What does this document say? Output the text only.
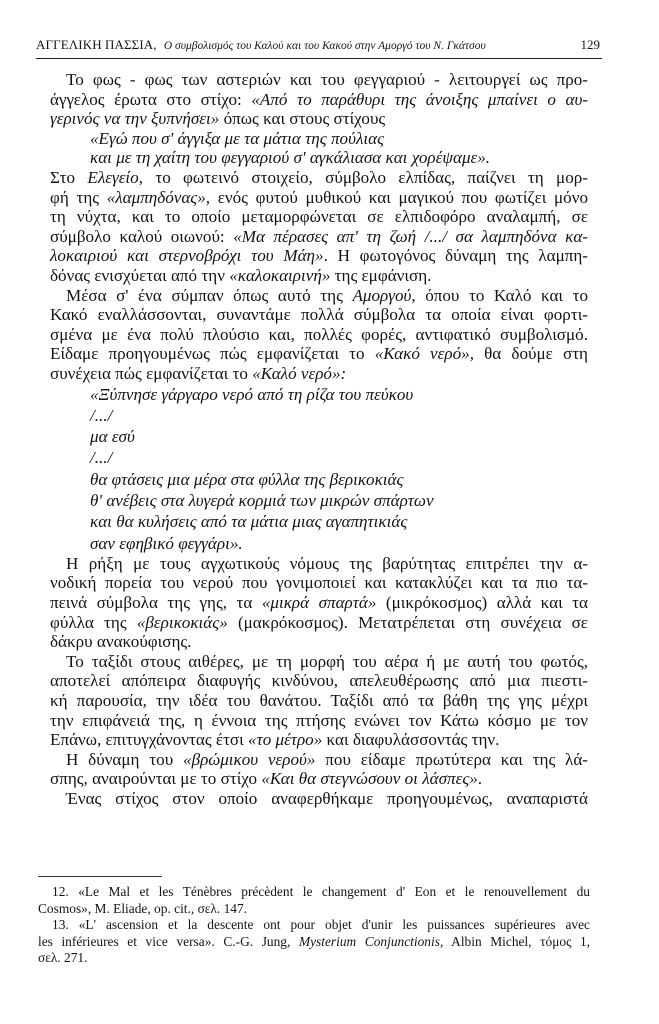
ΑΓΓΕΛΙΚΗ ΠΑΣΣΙΑ, Ο συμβολισμός του Καλού και του Κακού στην Αμοργό του Ν. Γκάτσου	129
Το φως - φως των αστεριών και του φεγγαριού - λειτουργεί ως προ-
άγγελος έρωτα στο στίχο: «Από το παράθυρι της άνοιξης μπαίνει ο αυ-
γερινός να την ξυπνήσει» όπως και στους στίχους
«Εγώ που σ' άγγιξα με τα μάτια της πούλιας
και με τη χαίτη του φεγγαριού σ' αγκάλιασα και χορέψαμε».
Στο Ελεγείο, το φωτεινό στοιχείο, σύμβολο ελπίδας, παίζνει τη μορ-
φή της «λαμπηδόνας», ενός φυτού μυθικού και μαγικού που φωτίζει μόνο
τη νύχτα, και το οποίο μεταμορφώνεται σε ελπιδοφόρο αναλαμπή, σε
σύμβολο καλού οιωνού: «Μα πέρασες απ' τη ζωή /.../ σα λαμπηδόνα κα-
λοκαιριού και στερνοβρόχι του Μάη». Η φωτογόνος δύναμη της λαμπη-
δόνας ενισχύεται από την «καλοκαιρινή» της εμφάνιση.
Μέσα σ' ένα σύμπαν όπως αυτό της Αμοργού, όπου το Καλό και το
Κακό εναλλάσσονται, συναντάμε πολλά σύμβολα τα οποία είναι φορτι-
σμένα με ένα πολύ πλούσιο και, πολλές φορές, αντιφατικό συμβολισμό.
Είδαμε προηγουμένως πώς εμφανίζεται το «Κακό νερό», θα δούμε στη
συνέχεια πώς εμφανίζεται το «Καλό νερό»:
«Ξύπνησε γάργαρο νερό από τη ρίζα του πεύκου
/.../
μα εσύ
/.../
θα φτάσεις μια μέρα στα φύλλα της βερικοκιάς
θ' ανέβεις στα λυγερά κορμιά των μικρών σπάρτων
και θα κυλήσεις από τα μάτια μιας αγαπητικιάς
σαν εφηβικό φεγγάρι».
Η ρήξη με τους αγχωτικούς νόμους της βαρύτητας επιτρέπει την α-
νοδική πορεία του νερού που γονιμοποιεί και κατακλύζει και τα πιο τα-
πεινά σύμβολα της γης, τα «μικρά σπαρτά» (μικρόκοσμος) αλλά και τα
φύλλα της «βερικοκιάς» (μακρόκοσμος). Μετατρέπεται στη συνέχεια σε
δάκρυ ανακούφισης.
Το ταξίδι στους αιθέρες, με τη μορφή του αέρα ή με αυτή του φωτός,
αποτελεί απόπειρα διαφυγής κινδύνου, απελευθέρωσης από μια πιεστι-
κή παρουσία, την ιδέα του θανάτου. Ταξίδι από τα βάθη της γης μέχρι
την επιφάνειά της, η έννοια της πτήσης ενώνει τον Κάτω κόσμο με τον
Επάνω, επιτυγχάνοντας έτσι «το μέτρο» και διαφυλάσσοντάς την.
Η δύναμη του «βρώμικου νερού» που είδαμε πρωτύτερα και της λά-
σπης, αναιρούνται με το στίχο «Και θα στεγνώσουν οι λάσπες».
Ένας στίχος στον οποίο αναφερθήκαμε προηγουμένως, αναπαριστά
12. «Le Mal et les Ténèbres précèdent le changement d' Eon et le renouvellement du
Cosmos», M. Eliade, op. cit., σελ. 147.
13. «L' ascension et la descente ont pour objet d'unir les puissances supérieures avec
les inférieures et vice versa». C.-G. Jung, Mysterium Conjunctionis, Albin Michel, τόμος 1,
σελ. 271.
